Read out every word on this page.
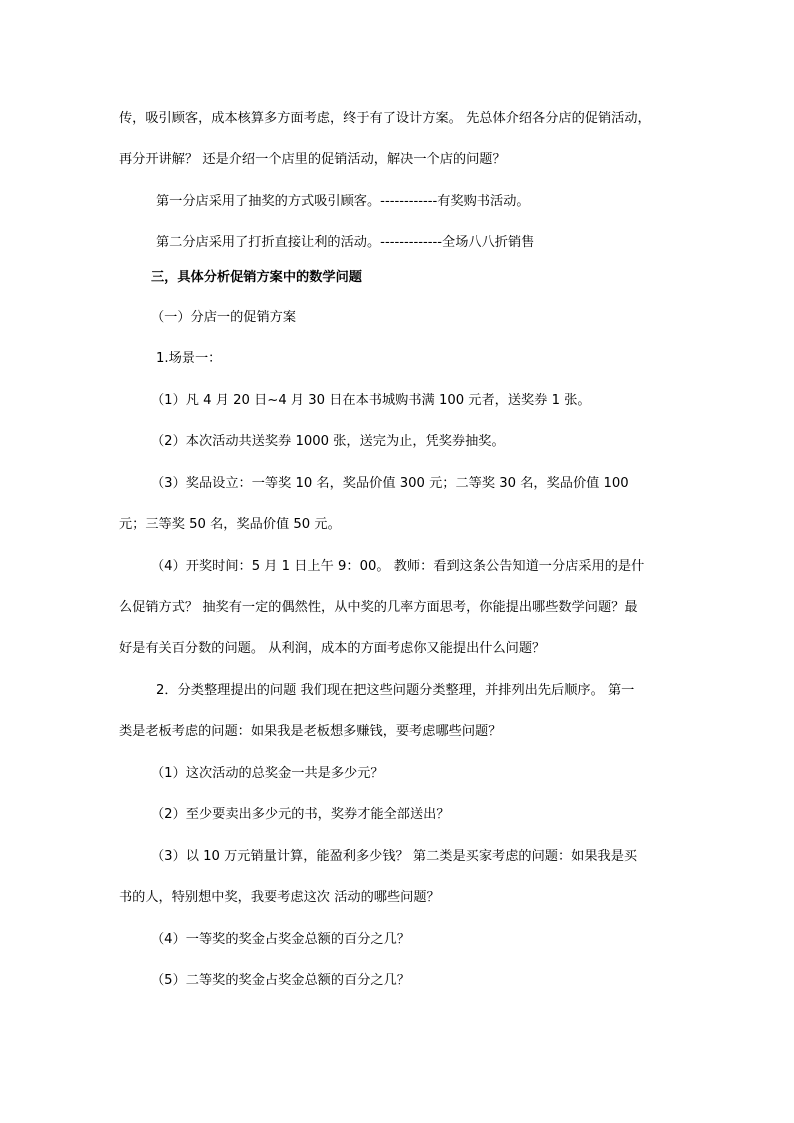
传，吸引顾客，成本核算多方面考虑，终于有了设计方案。 先总体介绍各分店的促销活动，
再分开讲解？ 还是介绍一个店里的促销活动，解决一个店的问题？
第一分店采用了抽奖的方式吸引顾客。------------有奖购书活动。
第二分店采用了打折直接让利的活动。-------------全场八八折销售
三，具体分析促销方案中的数学问题
（一）分店一的促销方案
1.场景一：
（1）凡 4 月 20 日~4 月 30 日在本书城购书满 100 元者，送奖券 1 张。
（2）本次活动共送奖券 1000 张，送完为止，凭奖券抽奖。
（3）奖品设立：一等奖 10 名，奖品价值 300 元；二等奖 30 名，奖品价值 100
元；三等奖 50 名，奖品价值 50 元。
（4）开奖时间：5 月 1 日上午 9：00。 教师：看到这条公告知道一分店采用的是什
么促销方式？ 抽奖有一定的偶然性，从中奖的几率方面思考，你能提出哪些数学问题？最
好是有关百分数的问题。 从利润，成本的方面考虑你又能提出什么问题？
2．分类整理提出的问题 我们现在把这些问题分类整理，并排列出先后顺序。 第一
类是老板考虑的问题：如果我是老板想多赚钱，要考虑哪些问题？
（1）这次活动的总奖金一共是多少元？
（2）至少要卖出多少元的书，奖券才能全部送出？
（3）以 10 万元销量计算，能盈利多少钱？ 第二类是买家考虑的问题：如果我是买
书的人，特别想中奖，我要考虑这次 活动的哪些问题？
（4）一等奖的奖金占奖金总额的百分之几？
（5）二等奖的奖金占奖金总额的百分之几？
